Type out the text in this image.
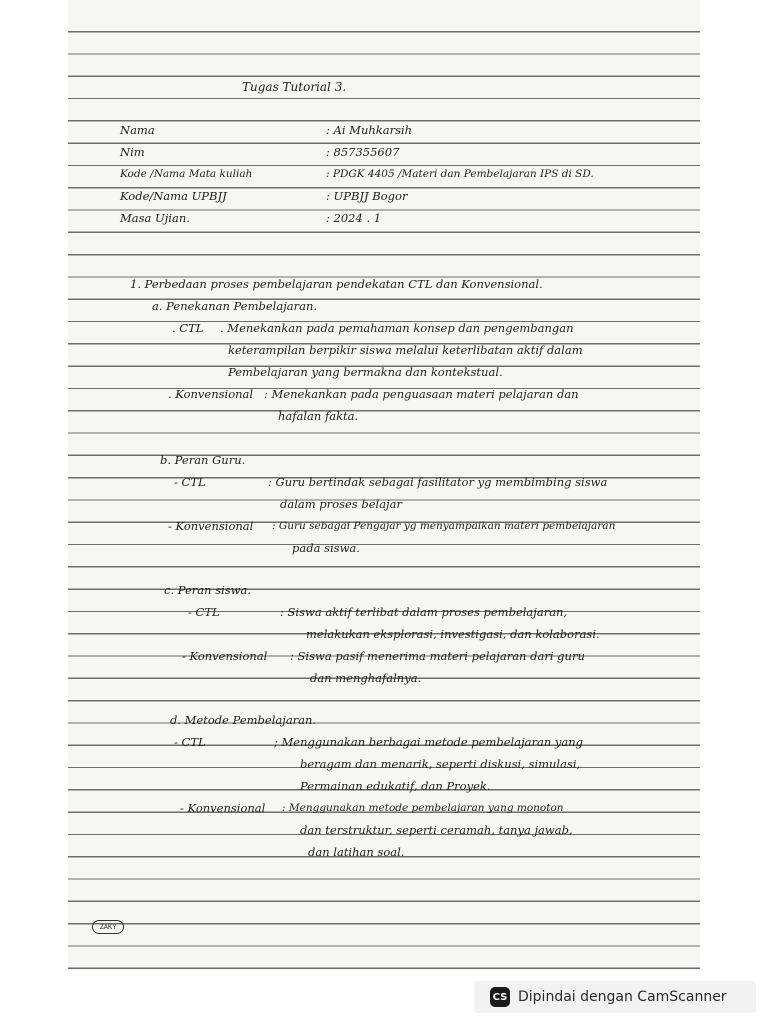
Tugas Tutorial 3.
Nama	: Ai Muhkarsih
Nim	: 857355607
Kode /Nama Mata kuliah	: PDGK 4405 /Materi dan Pembelajaran IPS di SD.
Kode/Nama UPBJJ	: UPBJJ Bogor
Masa Ujian.	: 2024 . 1
1. Perbedaan proses pembelajaran pendekatan CTL dan Konvensional.
a. Penekanan Pembelajaran.
. CTL . Menekankan pada pemahaman konsep dan pengembangan
keterampilan berpikir siswa melalui keterlibatan aktif dalam
Pembelajaran yang bermakna dan kontekstual.
. Konvensional : Menekankan pada penguasaan materi pelajaran dan
hafalan fakta.
b. Peran Guru.
- CTL	: Guru bertindak sebagai fasilitator yg membimbing siswa
dalam proses belajar
- Konvensional : Guru sebagai Pengajar yg menyampaikan materi pembelajaran
pada siswa.
c. Peran siswa.
- CTL	: Siswa aktif terlibat dalam proses pembelajaran,
melakukan eksplorasi, investigasi, dan kolaborasi.
- Konvensional : Siswa pasif menerima materi pelajaran dari guru
dan menghafalnya.
d. Metode Pembelajaran.
- CTL	; Menggunakan berbagai metode pembelajaran yang
beragam dan menarik, seperti diskusi, simulasi,
Permainan edukatif, dan Proyek.
- Konvensional : Menggunakan metode pembelajaran yang monoton
dan terstruktur, seperti ceramah, tanya jawab,
dan latihan soal.
ZAKY
CS Dipindai dengan CamScanner
